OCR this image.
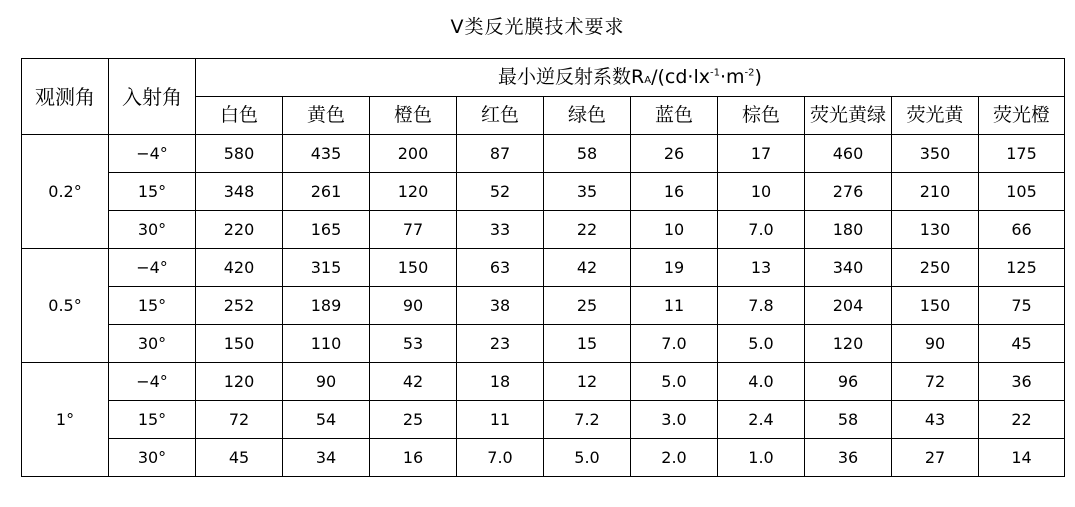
V类反光膜技术要求
观测角	入射角	最小逆反射系数$RA/(cd\cdot lx^{-1}\cdot m^{-2})$									
		白色	黄色	橙色	红色	绿色	蓝色	棕色	荧光黄绿	荧光黄	荧光橙
0.2°	−4°	580	435	200	87	58	26	17	460	350	175
	15°	348	261	120	52	35	16	10	276	210	105
	30°	220	165	77	33	22	10	7.0	180	130	66
0.5°	−4°	420	315	150	63	42	19	13	340	250	125
	15°	252	189	90	38	25	11	7.8	204	150	75
	30°	150	110	53	23	15	7.0	5.0	120	90	45
1°	−4°	120	90	42	18	12	5.0	4.0	96	72	36
	15°	72	54	25	11	7.2	3.0	2.4	58	43	22
	30°	45	34	16	7.0	5.0	2.0	1.0	36	27	14
